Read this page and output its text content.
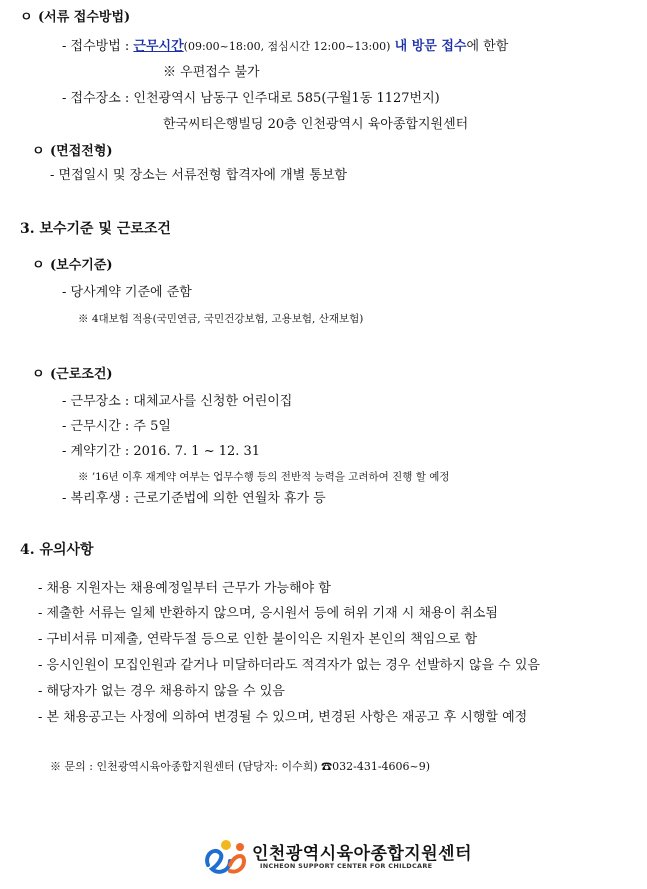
ㅇ (서류 접수방법)
- 접수방법 : 근무시간(09:00~18:00, 점심시간 12:00~13:00) 내 방문 접수에 한함
※ 우편접수 불가
- 접수장소 : 인천광역시 남동구 인주대로 585(구월1동 1127번지)
한국씨티은행빌딩 20층 인천광역시 육아종합지원센터
ㅇ (면접전형)
- 면접일시 및 장소는 서류전형 합격자에 개별 통보함
3. 보수기준 및 근로조건
ㅇ (보수기준)
- 당사계약 기준에 준함
※ 4대보험 적용(국민연금, 국민건강보험, 고용보험, 산재보험)
ㅇ (근로조건)
- 근무장소 : 대체교사를 신청한 어린이집
- 근무시간 : 주 5일
- 계약기간 : 2016. 7. 1 ~ 12. 31
※ ’16년 이후 재계약 여부는 업무수행 등의 전반적 능력을 고려하여 진행 할 예정
- 복리후생 : 근로기준법에 의한 연월차 휴가 등
4. 유의사항
- 채용 지원자는 채용예정일부터 근무가 가능해야 함
- 제출한 서류는 일체 반환하지 않으며, 응시원서 등에 허위 기재 시 채용이 취소됨
- 구비서류 미제출, 연락두절 등으로 인한 불이익은 지원자 본인의 책임으로 함
- 응시인원이 모집인원과 같거나 미달하더라도 적격자가 없는 경우 선발하지 않을 수 있음
- 해당자가 없는 경우 채용하지 않을 수 있음
- 본 채용공고는 사정에 의하여 변경될 수 있으며, 변경된 사항은 재공고 후 시행할 예정
※ 문의 : 인천광역시육아종합지원센터 (담당자: 이수희) ☎032-431-4606~9)
인천광역시육아종합지원센터
INCHEON SUPPORT CENTER FOR CHILDCARE
